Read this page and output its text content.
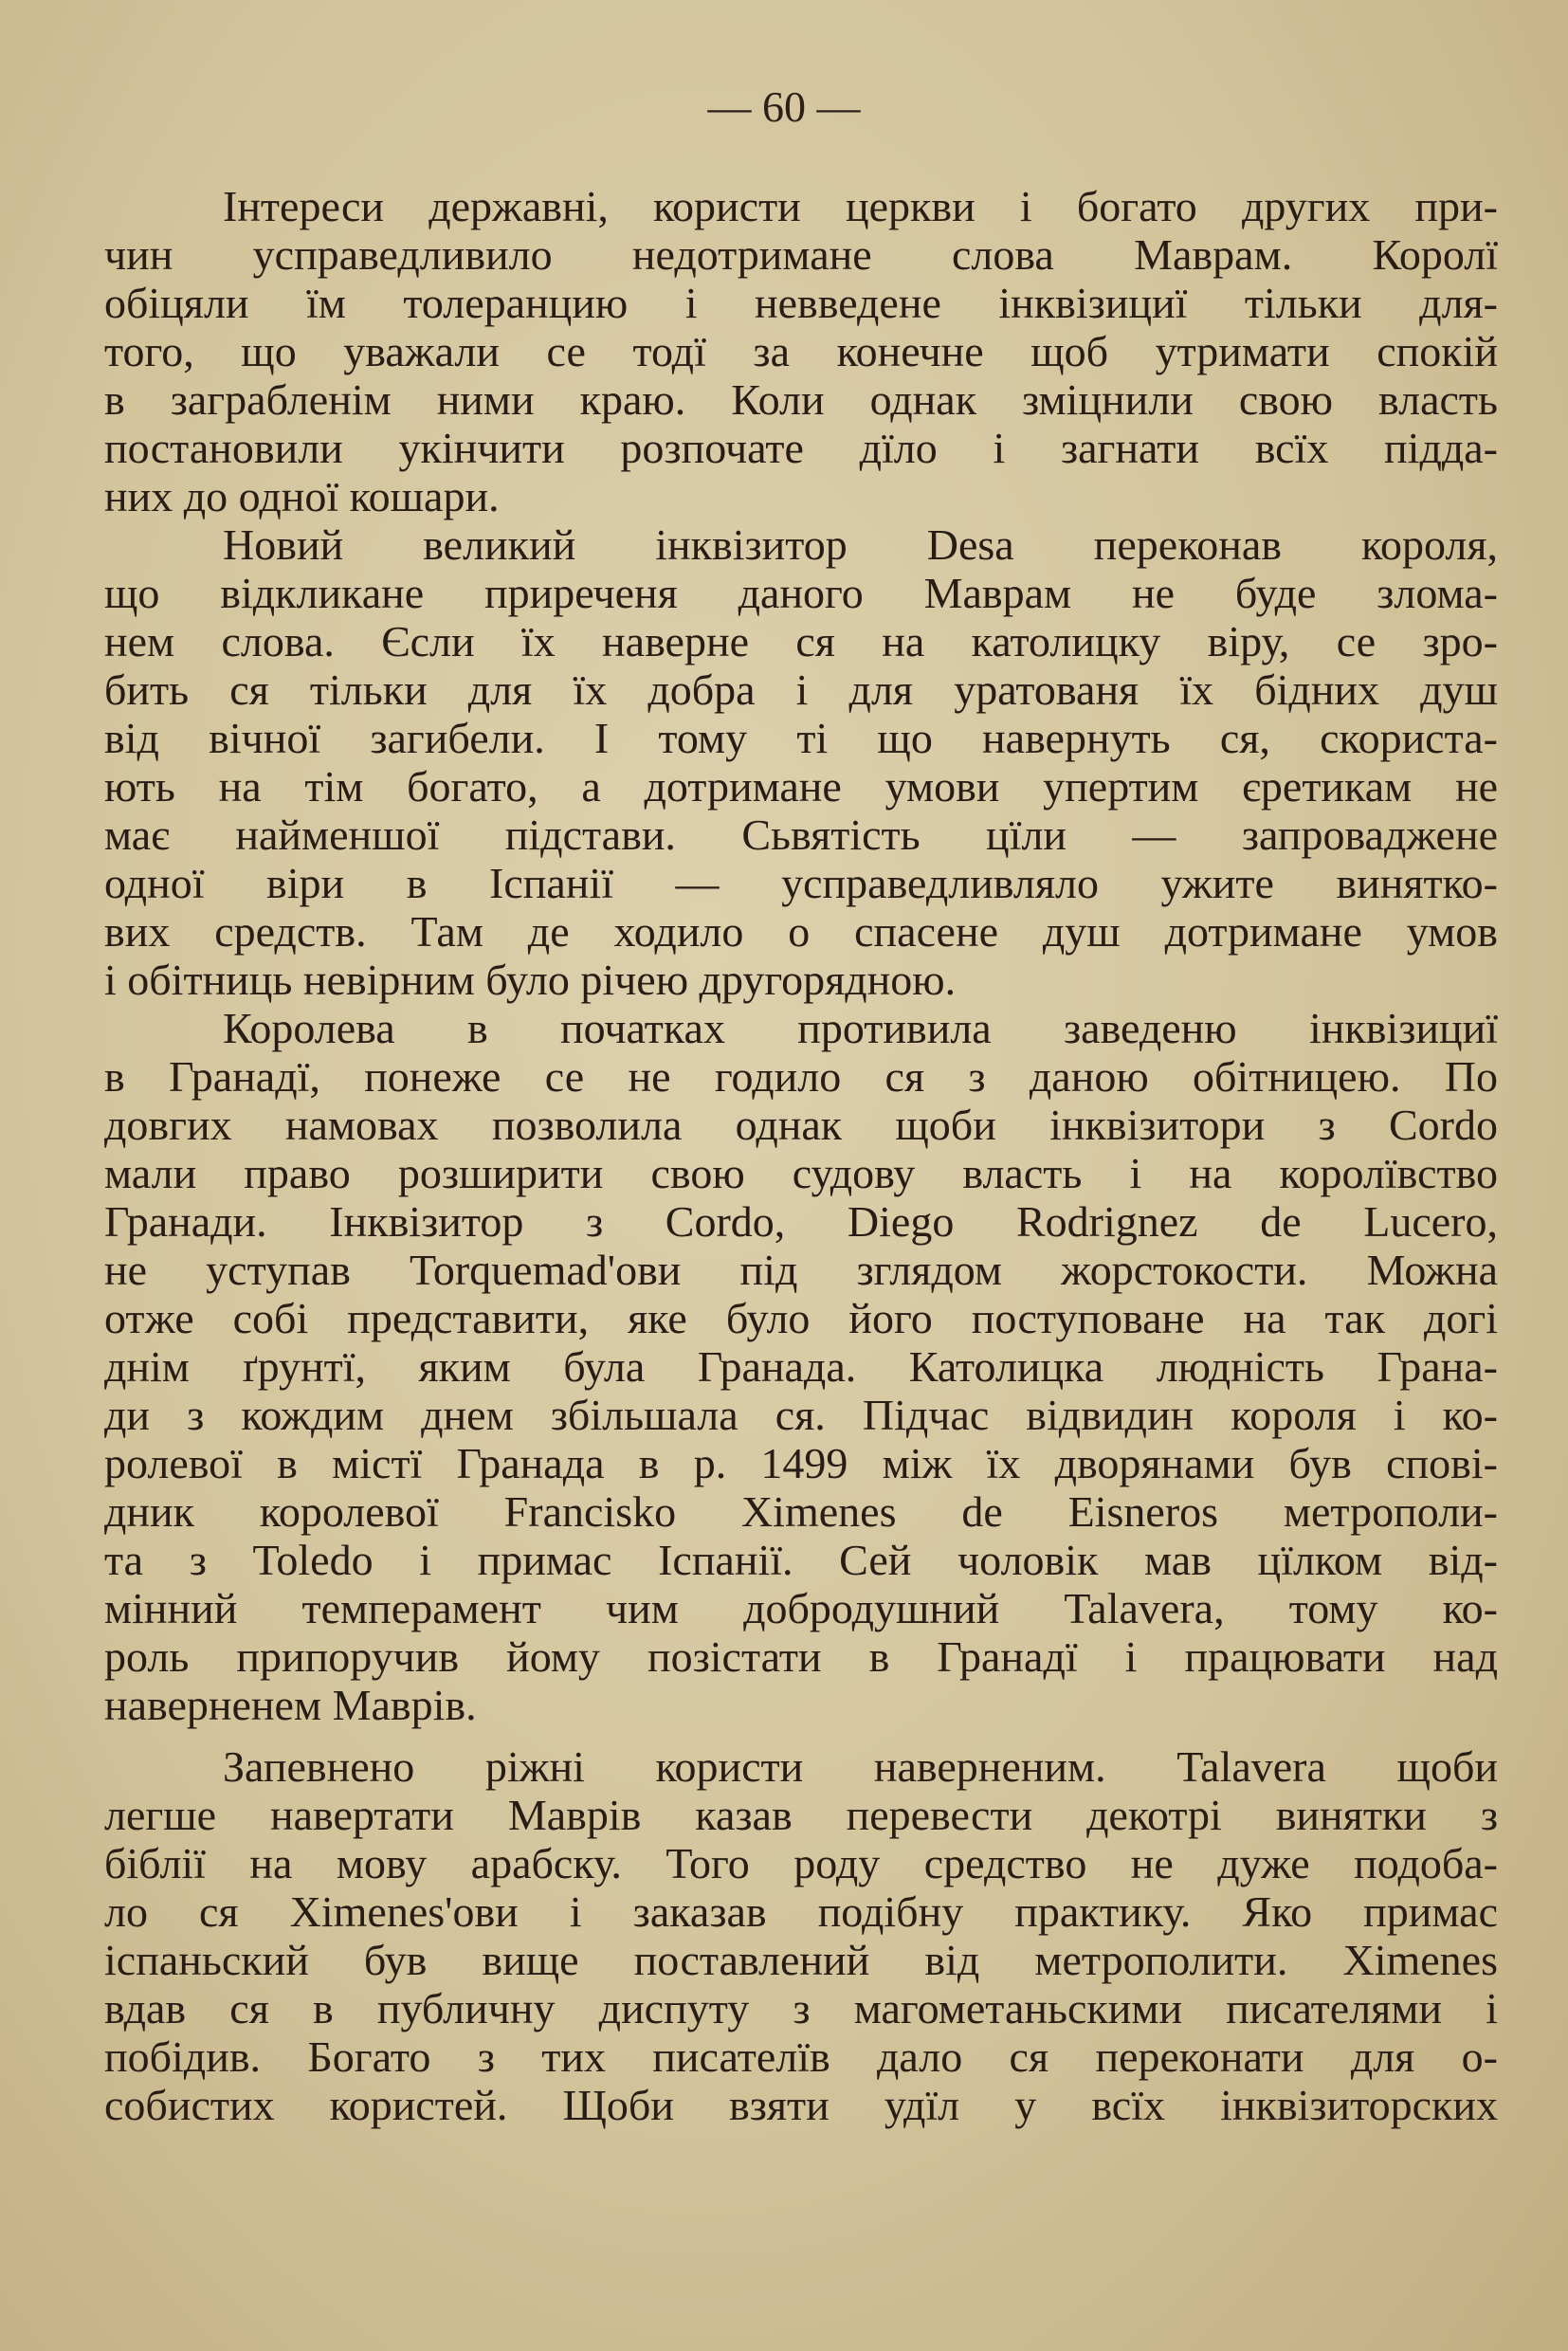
— 60 —
Інтереси державні, користи церкви і богато других при-
чин усправедливило недотримане слова Маврам. Королї
обіцяли їм толеранцию і невведене інквізициї тільки для-
того, що уважали се тодї за конечне щоб утримати спокій
в заграбленім ними краю. Коли однак зміцнили свою власть
постановили укінчити розпочате дїло і загнати всїх підда-
них до одної кошари.
Новий великий інквізитор Desa переконав короля,
що відкликане приреченя даного Маврам не буде злома-
нем слова. Єсли їх наверне ся на католицку віру, се зро-
бить ся тільки для їх добра і для уратованя їх бідних душ
від вічної загибели. І тому ті що навернуть ся, скориста-
ють на тім богато, а дотримане умови упертим єретикам не
має найменшої підстави. Сьвятість цїли — запроваджене
одної віри в Іспанії — усправедливляло ужите винятко-
вих средств. Там де ходило о спасене душ дотримане умов
і обітниць невірним було річею другорядною.
Королева в початках противила заведеню інквізициї
в Гранадї, понеже се не годило ся з даною обітницею. По
довгих намовах позволила однак щоби інквізитори з Cordo
мали право розширити свою судову власть і на королївство
Гранади. Інквізитор з Cordo, Diego Rodrignez de Lucero,
не уступав Torquemad'ови під зглядом жорстокости. Можна
отже собі представити, яке було його поступоване на так догі
днім ґрунтї, яким була Гранада. Католицка людність Грана-
ди з кождим днем збільшала ся. Підчас відвидин короля і ко-
ролевої в містї Гранада в р. 1499 між їх дворянами був сповi-
дник королевої Francisko Ximenes de Eisneros метрополи-
та з Toledo і примас Іспанії. Сей чоловік мав цїлком від-
мінний темперамент чим добродушний Talavera, тому ко-
роль припоручив йому позістати в Гранадї і працювати над
наверненем Маврів.
Запевнено ріжні користи наверненим. Talavera щоби
легше навертати Маврів казав перевести декотрі винятки з
біблії на мову арабску. Того роду средство не дуже подоба-
ло ся Ximenes'ови і заказав подібну практику. Яко примас
іспаньский був вище поставлений від метрополити. Ximenes
вдав ся в публичну диспуту з магометаньскими писателями і
побідив. Богато з тих писателїв дало ся переконати для о-
собистих користей. Щоби взяти удїл у всїх інквізиторских
